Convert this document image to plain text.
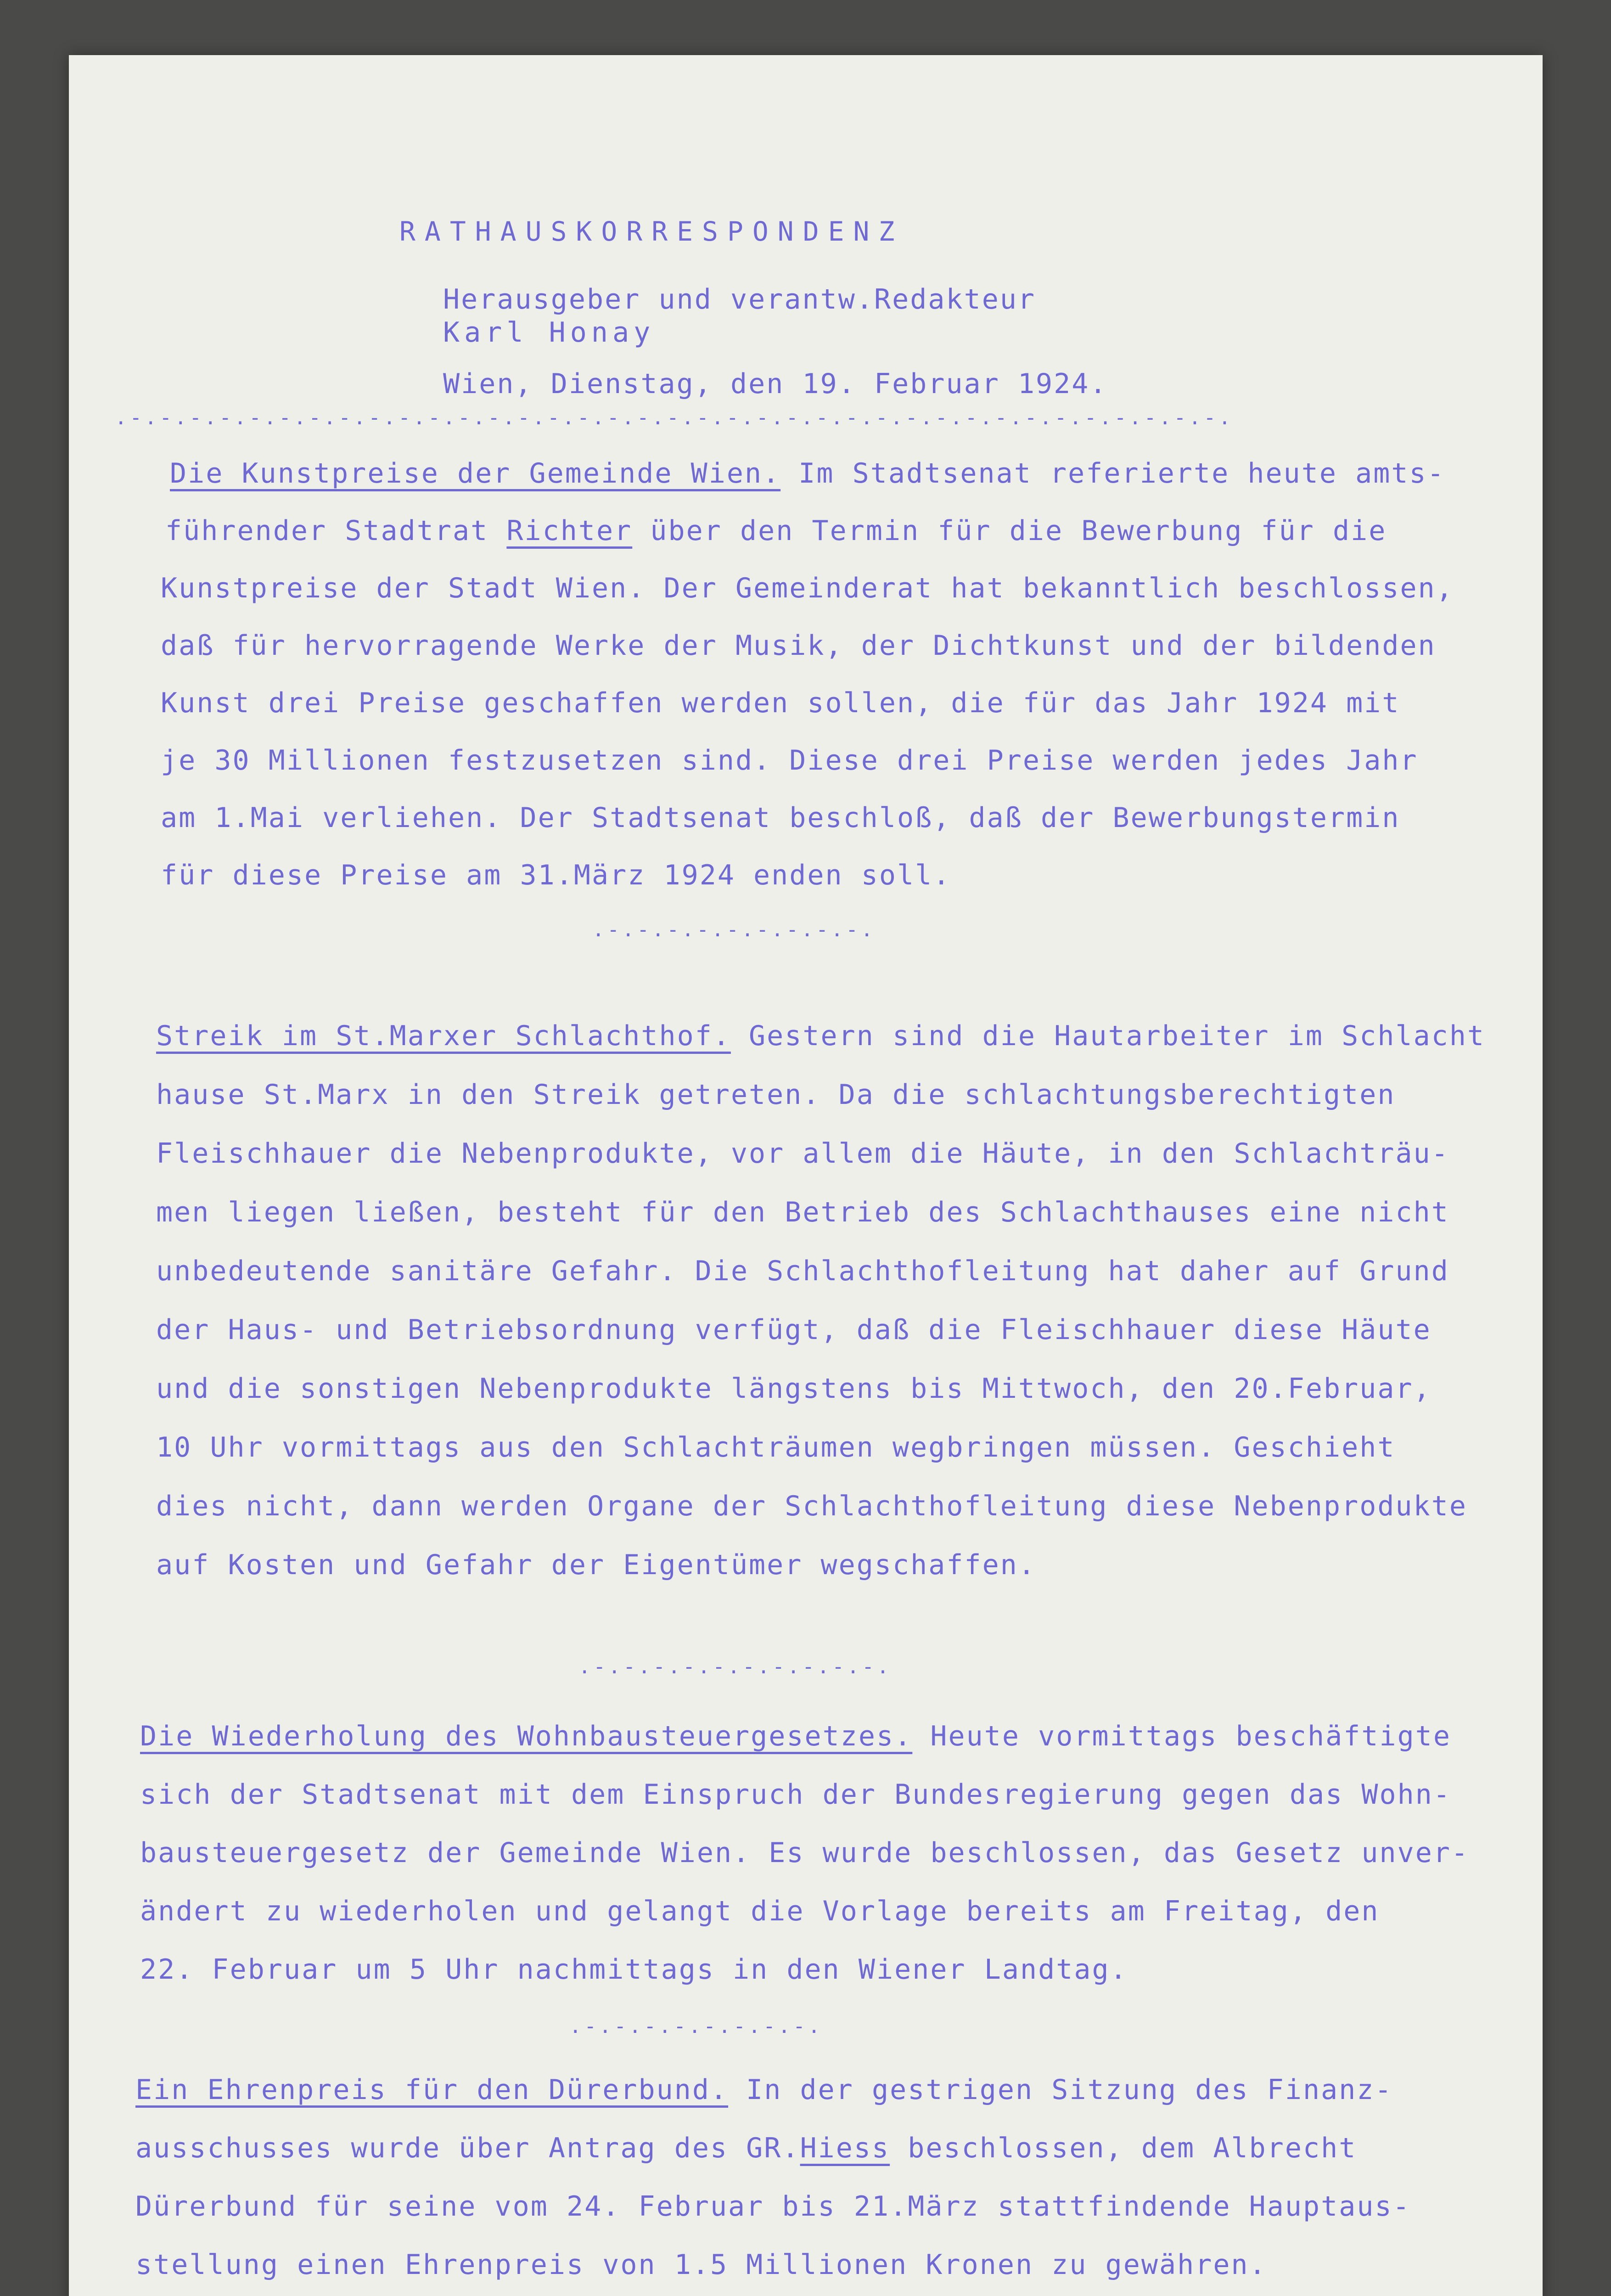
RATHAUSKORRESPONDENZ
Herausgeber und verantw.Redakteur
Karl Honay
Wien, Dienstag, den 19. Februar 1924.
.-.-.-.-.-.-.-.-.-.-.-.-.-.-.-.-.-.-.-.-.-.-.-.-.-.-.-.-.-.-.-.-.-.-.-.-.-.
Die Kunstpreise der Gemeinde Wien. Im Stadtsenat referierte heute amts-
führender Stadtrat Richter über den Termin für die Bewerbung für die
Kunstpreise der Stadt Wien. Der Gemeinderat hat bekanntlich beschlossen,
daß für hervorragende Werke der Musik, der Dichtkunst und der bildenden
Kunst drei Preise geschaffen werden sollen, die für das Jahr 1924 mit
je 30 Millionen festzusetzen sind. Diese drei Preise werden jedes Jahr
am 1.Mai verliehen. Der Stadtsenat beschloß, daß der Bewerbungstermin
für diese Preise am 31.März 1924 enden soll.
.-.-.-.-.-.-.-.-.-.
Streik im St.Marxer Schlachthof. Gestern sind die Hautarbeiter im Schlacht
hause St.Marx in den Streik getreten. Da die schlachtungsberechtigten
Fleischhauer die Nebenprodukte, vor allem die Häute, in den Schlachträu-
men liegen ließen, besteht für den Betrieb des Schlachthauses eine nicht
unbedeutende sanitäre Gefahr. Die Schlachthofleitung hat daher auf Grund
der Haus- und Betriebsordnung verfügt, daß die Fleischhauer diese Häute
und die sonstigen Nebenprodukte längstens bis Mittwoch, den 20.Februar,
10 Uhr vormittags aus den Schlachträumen wegbringen müssen. Geschieht
dies nicht, dann werden Organe der Schlachthofleitung diese Nebenprodukte
auf Kosten und Gefahr der Eigentümer wegschaffen.
.-.-.-.-.-.-.-.-.-.-.
Die Wiederholung des Wohnbausteuergesetzes. Heute vormittags beschäftigte
sich der Stadtsenat mit dem Einspruch der Bundesregierung gegen das Wohn-
bausteuergesetz der Gemeinde Wien. Es wurde beschlossen, das Gesetz unver-
ändert zu wiederholen und gelangt die Vorlage bereits am Freitag, den
22. Februar um 5 Uhr nachmittags in den Wiener Landtag.
.-.-.-.-.-.-.-.-.
Ein Ehrenpreis für den Dürerbund. In der gestrigen Sitzung des Finanz-
ausschusses wurde über Antrag des GR.Hiess beschlossen, dem Albrecht
Dürerbund für seine vom 24. Februar bis 21.März stattfindende Hauptaus-
stellung einen Ehrenpreis von 1.5 Millionen Kronen zu gewähren.
